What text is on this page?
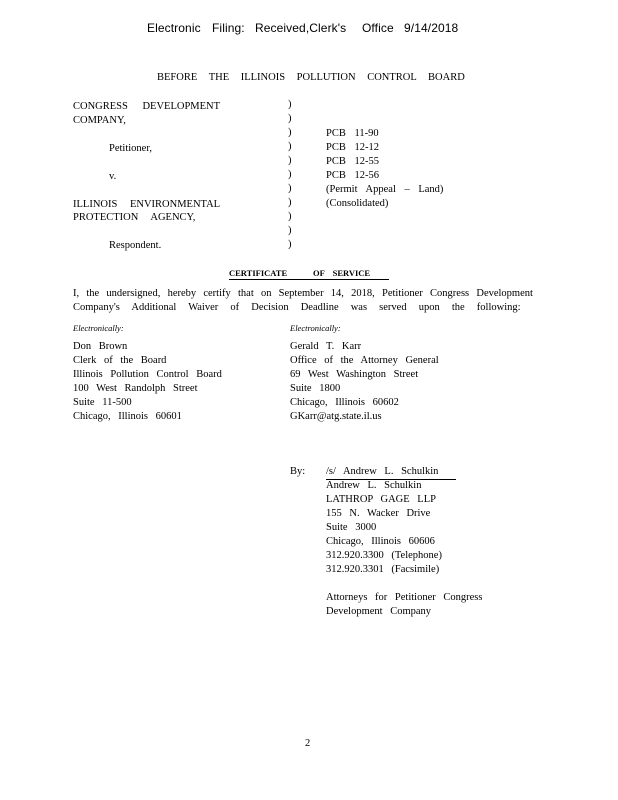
Electronic Filing: Received,Clerk's Office 9/14/2018
BEFORE THE ILLINOIS POLLUTION CONTROL BOARD
CONGRESS DEVELOPMENT
COMPANY,
Petitioner,
v.
ILLINOIS ENVIRONMENTAL
PROTECTION AGENCY,
Respondent.
)
)
)
)
)
)
)
)
)
)
)
PCB 11-90
PCB 12-12
PCB 12-55
PCB 12-56
(Permit Appeal – Land)
(Consolidated)
CERTIFICATE	OF SERVICE
I, the undersigned, hereby certify that on September 14, 2018, Petitioner Congress Development
Company's Additional Waiver of Decision Deadline was served upon the following:
Electronically:
Don Brown
Clerk of the Board
Illinois Pollution Control Board
100 West Randolph Street
Suite 11-500
Chicago, Illinois 60601
Electronically:
Gerald T. Karr
Office of the Attorney General
69 West Washington Street
Suite 1800
Chicago, Illinois 60602
GKarr@atg.state.il.us
By: /s/ Andrew L. Schulkin
Andrew L. Schulkin
LATHROP GAGE LLP
155 N. Wacker Drive
Suite 3000
Chicago, Illinois 60606
312.920.3300 (Telephone)
312.920.3301 (Facsimile)
Attorneys for Petitioner Congress
Development Company
2
